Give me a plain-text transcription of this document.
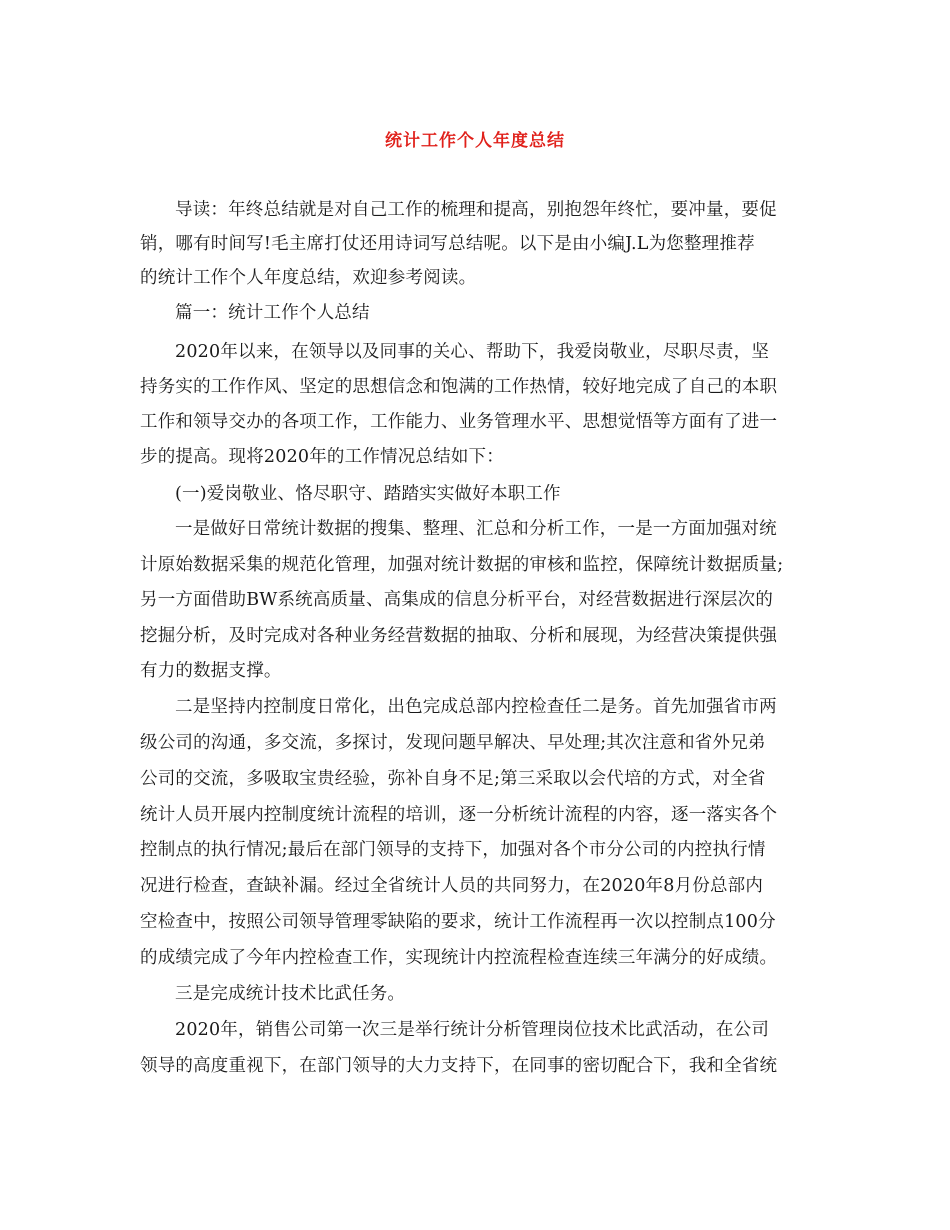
统计工作个人年度总结
导读：年终总结就是对自己工作的梳理和提高，别抱怨年终忙，要冲量，要促
销，哪有时间写!毛主席打仗还用诗词写总结呢。以下是由小编J.L为您整理推荐
的统计工作个人年度总结，欢迎参考阅读。
篇一：统计工作个人总结
2020年以来，在领导以及同事的关心、帮助下，我爱岗敬业，尽职尽责，坚
持务实的工作作风、坚定的思想信念和饱满的工作热情，较好地完成了自己的本职
工作和领导交办的各项工作，工作能力、业务管理水平、思想觉悟等方面有了进一
步的提高。现将2020年的工作情况总结如下：
(一)爱岗敬业、恪尽职守、踏踏实实做好本职工作
一是做好日常统计数据的搜集、整理、汇总和分析工作，一是一方面加强对统
计原始数据采集的规范化管理，加强对统计数据的审核和监控，保障统计数据质量;
另一方面借助BW系统高质量、高集成的信息分析平台，对经营数据进行深层次的
挖掘分析，及时完成对各种业务经营数据的抽取、分析和展现，为经营决策提供强
有力的数据支撑。
二是坚持内控制度日常化，出色完成总部内控检查任二是务。首先加强省市两
级公司的沟通，多交流，多探讨，发现问题早解决、早处理;其次注意和省外兄弟
公司的交流，多吸取宝贵经验，弥补自身不足;第三采取以会代培的方式，对全省
统计人员开展内控制度统计流程的培训，逐一分析统计流程的内容，逐一落实各个
控制点的执行情况;最后在部门领导的支持下，加强对各个市分公司的内控执行情
况进行检查，查缺补漏。经过全省统计人员的共同努力，在2020年8月份总部内
空检查中，按照公司领导管理零缺陷的要求，统计工作流程再一次以控制点100分
的成绩完成了今年内控检查工作，实现统计内控流程检查连续三年满分的好成绩。
三是完成统计技术比武任务。
2020年，销售公司第一次三是举行统计分析管理岗位技术比武活动，在公司
领导的高度重视下，在部门领导的大力支持下，在同事的密切配合下，我和全省统
